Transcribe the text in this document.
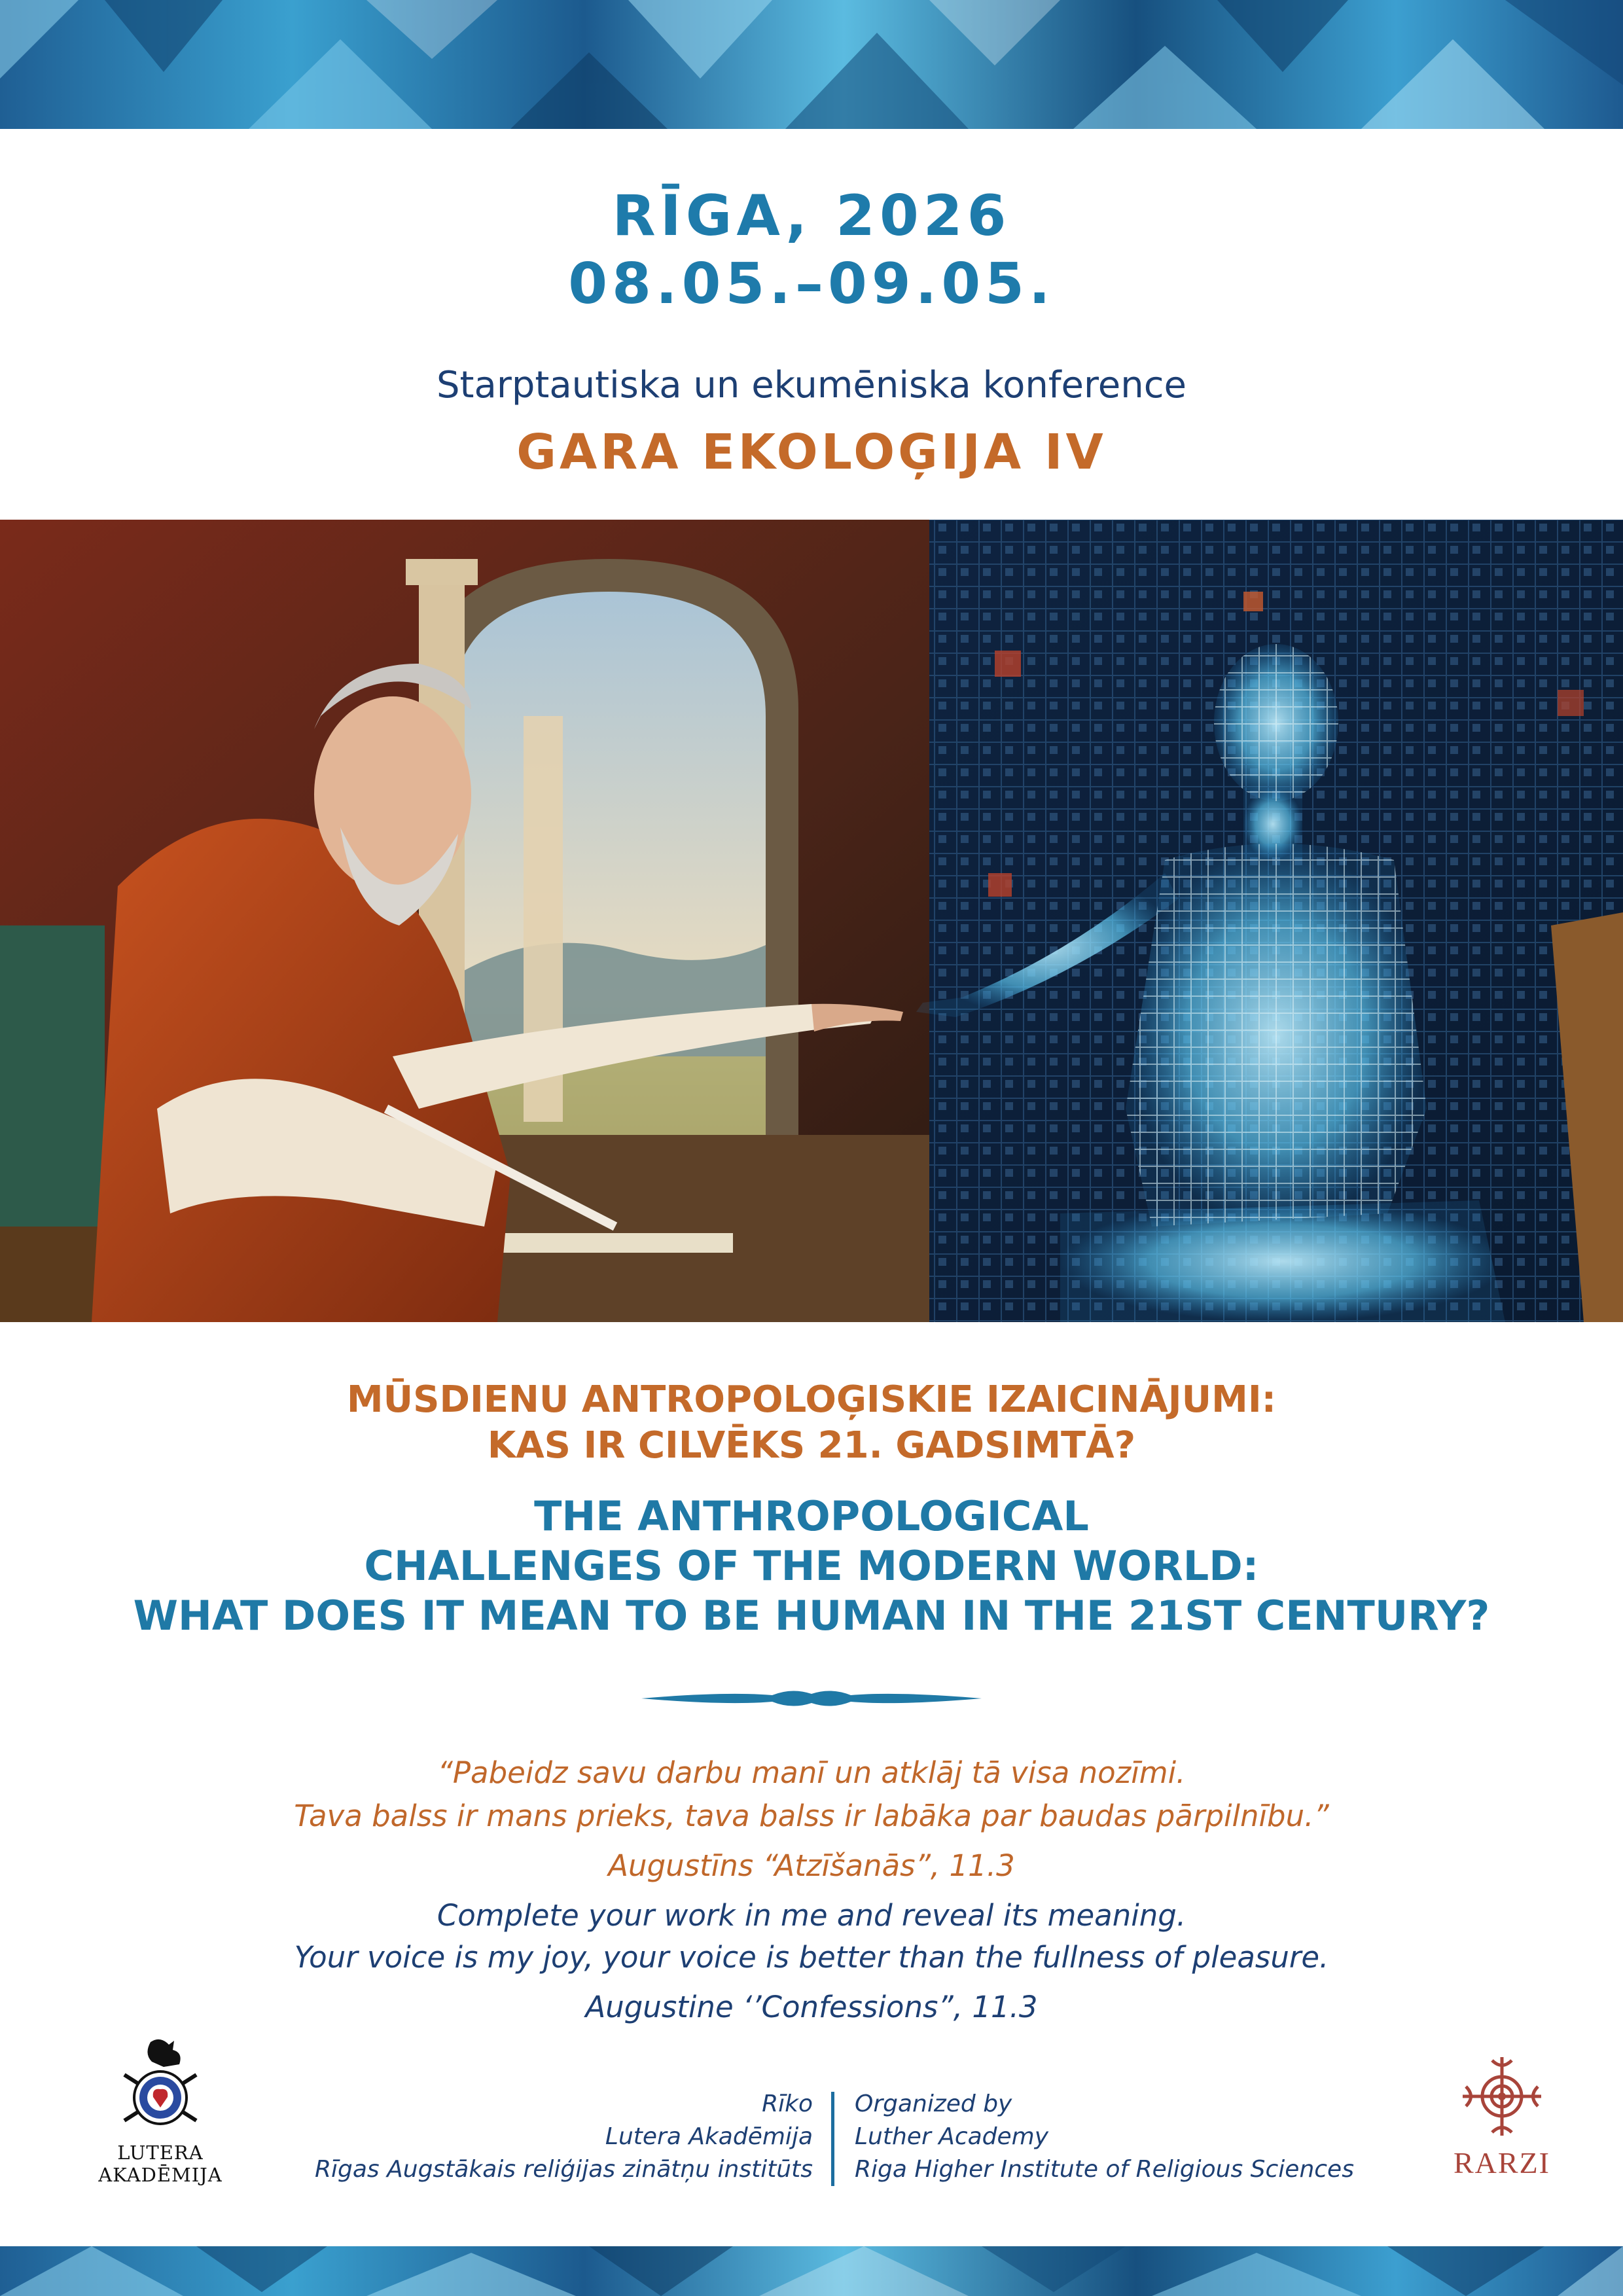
RĪGA, 2026
08.05.–09.05.
Starptautiska un ekumēniska konference
GARA EKOLOĢIJA IV
MŪSDIENU ANTROPOLOĢISKIE IZAICINĀJUMI:
KAS IR CILVĒKS 21. GADSIMTĀ?
THE ANTHROPOLOGICAL
CHALLENGES OF THE MODERN WORLD:
WHAT DOES IT MEAN TO BE HUMAN IN THE 21ST CENTURY?
“Pabeidz savu darbu manī un atklāj tā visa nozīmi.
Tava balss ir mans prieks, tava balss ir labāka par baudas pārpilnību.”
Augustīns “Atzīšanās”, 11.3
Complete your work in me and reveal its meaning.
Your voice is my joy, your voice is better than the fullness of pleasure.
Augustine ‘’Confessions”, 11.3
LUTERA AKADĒMIJA
Rīko
Lutera Akadēmija
Rīgas Augstākais reliģijas zinātņu institūts
Organized by
Luther Academy
Riga Higher Institute of Religious Sciences	RARZI
